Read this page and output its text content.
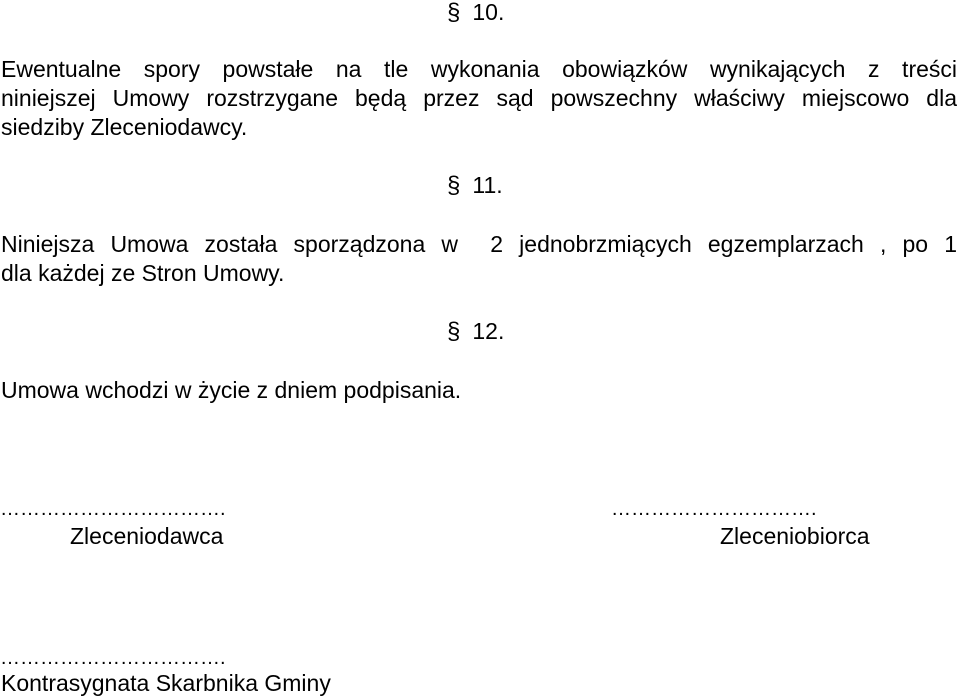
§ 10.
Ewentualne spory powstałe na tle wykonania obowiązków wynikających z treści
niniejszej Umowy rozstrzygane będą przez sąd powszechny właściwy miejscowo dla
siedziby Zleceniodawcy.
§ 11.
Niniejsza Umowa została sporządzona w  2 jednobrzmiących egzemplarzach , po 1
dla każdej ze Stron Umowy.
§ 12.
Umowa wchodzi w życie z dniem podpisania.
…………………………….
Zleceniodawca
………………………….
Zleceniobiorca
…………………………….
Kontrasygnata Skarbnika Gminy
